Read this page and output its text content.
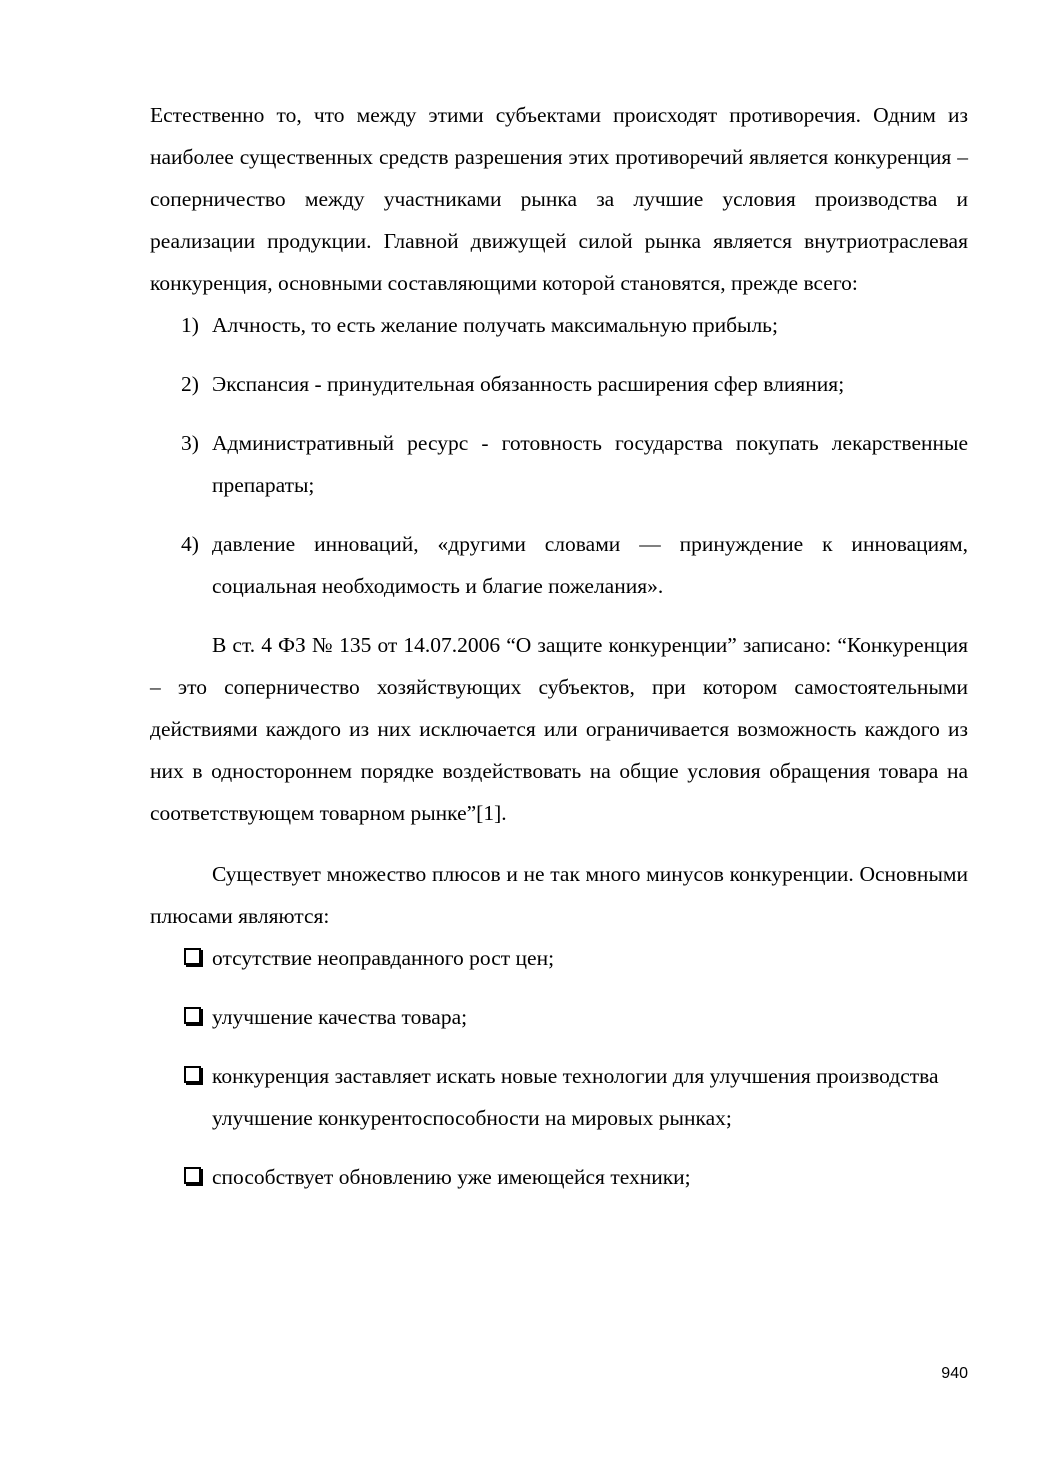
Естественно то, что между этими субъектами происходят противоречия. Одним из наиболее существенных средств разрешения этих противоречий является конкуренция – соперничество между участниками рынка за лучшие условия производства и реализации продукции. Главной движущей силой рынка является внутриотраслевая конкуренция, основными составляющими которой становятся, прежде всего:

1) Алчность, то есть желание получать максимальную прибыль;
2) Экспансия - принудительная обязанность расширения сфер влияния;
3) Административный ресурс - готовность государства покупать лекарственные препараты;
4) давление инноваций, «другими словами — принуждение к инновациям, социальная необходимость и благие пожелания».

В ст. 4 ФЗ № 135 от 14.07.2006 “О защите конкуренции” записано: “Конкуренция – это соперничество хозяйствующих субъектов, при котором самостоятельными действиями каждого из них исключается или ограничивается возможность каждого из них в одностороннем порядке воздействовать на общие условия обращения товара на соответствующем товарном рынке”[1].

Существует множество плюсов и не так много минусов конкуренции. Основными плюсами являются:

отсутствие неоправданного рост цен;
улучшение качества товара;
конкуренция заставляет искать новые технологии для улучшения производства улучшение конкурентоспособности на мировых рынках;
способствует обновлению уже имеющейся техники;
940
